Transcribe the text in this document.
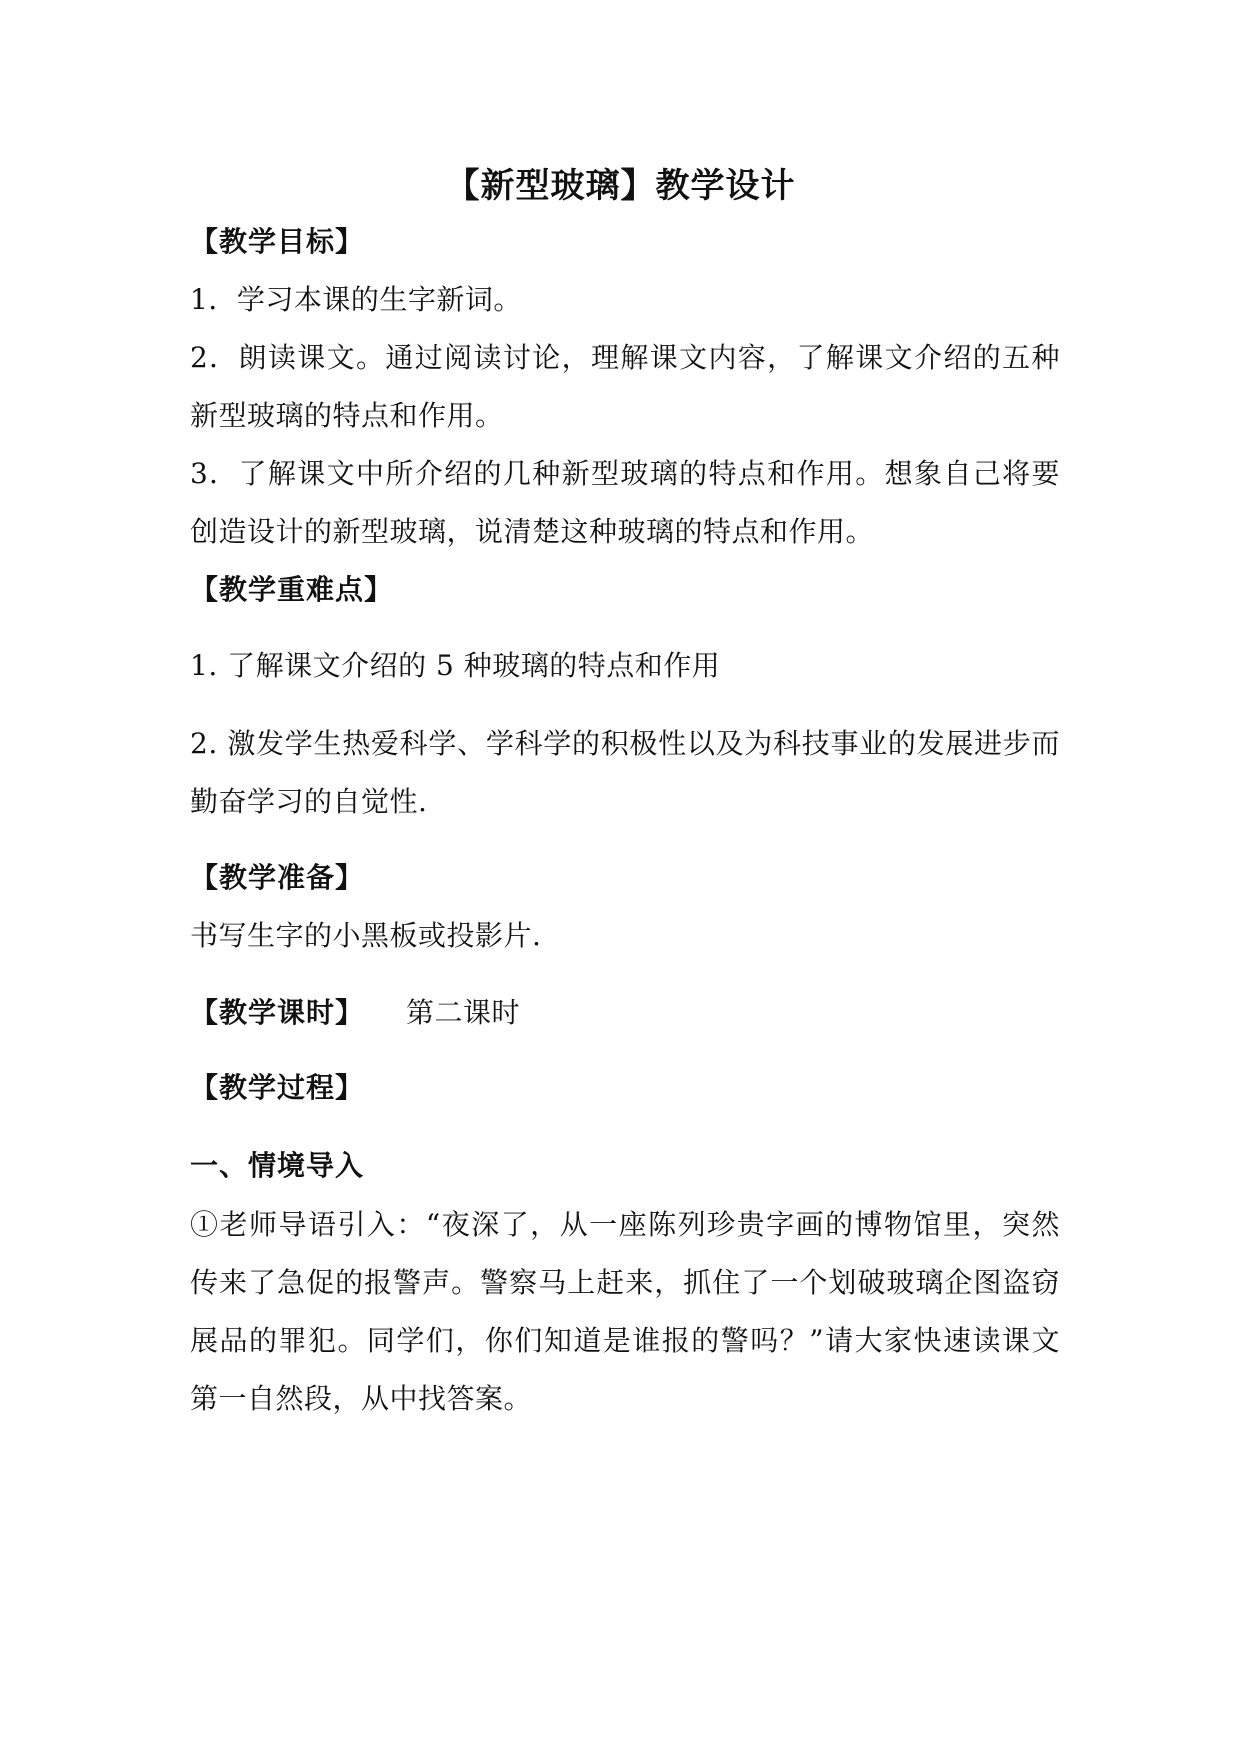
【新型玻璃】教学设计
【教学目标】
1．学习本课的生字新词。
2．朗读课文。通过阅读讨论，理解课文内容，了解课文介绍的五种
新型玻璃的特点和作用。
3．了解课文中所介绍的几种新型玻璃的特点和作用。想象自己将要
创造设计的新型玻璃，说清楚这种玻璃的特点和作用。
【教学重难点】
1. 了解课文介绍的 5 种玻璃的特点和作用
2. 激发学生热爱科学、学科学的积极性以及为科技事业的发展进步而
勤奋学习的自觉性.
【教学准备】
书写生字的小黑板或投影片.
【教学课时】 第二课时
【教学过程】
一、情境导入
①老师导语引入：“夜深了，从一座陈列珍贵字画的博物馆里，突然
传来了急促的报警声。警察马上赶来，抓住了一个划破玻璃企图盗窃
展品的罪犯。同学们，你们知道是谁报的警吗？”请大家快速读课文
第一自然段，从中找答案。
